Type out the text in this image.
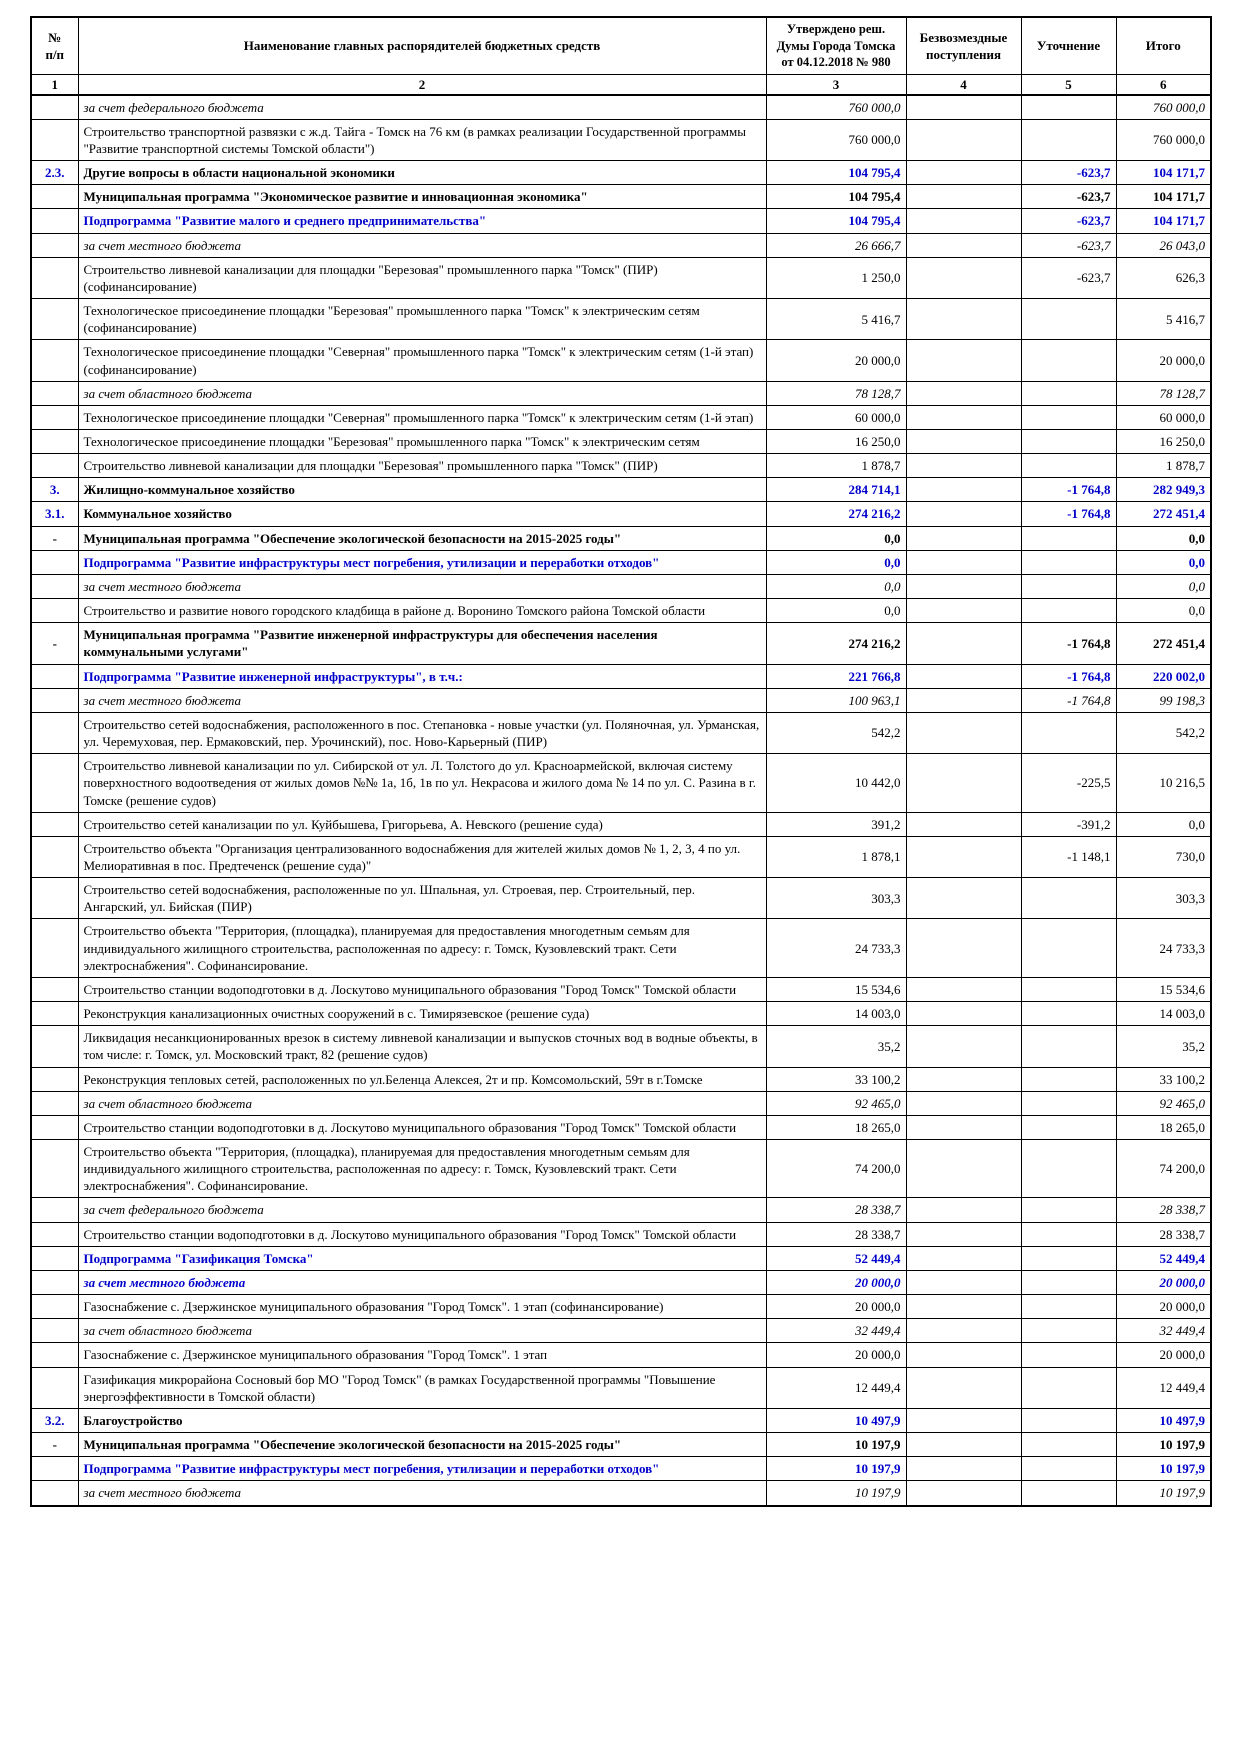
№
п/п	Наименование главных распорядителей бюджетных средств	Утверждено реш. Думы Города Томска от 04.12.2018 № 980	Безвозмездные поступления	Уточнение	Итого
1	2	3	4	5	6
	за счет федерального бюджета	760 000,0			760 000,0
	Строительство транспортной развязки с ж.д. Тайга - Томск на 76 км (в рамках реализации Государственной программы "Развитие транспортной системы Томской области")	760 000,0			760 000,0
2.3.	Другие вопросы в области национальной экономики	104 795,4		-623,7	104 171,7
	Муниципальная программа "Экономическое развитие и инновационная экономика"	104 795,4		-623,7	104 171,7
	Подпрограмма "Развитие малого и среднего предпринимательства"	104 795,4		-623,7	104 171,7
	за счет местного бюджета	26 666,7		-623,7	26 043,0
	Строительство ливневой канализации для площадки "Березовая" промышленного парка "Томск" (ПИР) (софинансирование)	1 250,0		-623,7	626,3
	Технологическое присоединение площадки "Березовая" промышленного парка "Томск" к электрическим сетям (софинансирование)	5 416,7			5 416,7
	Технологическое присоединение площадки "Северная" промышленного парка "Томск" к электрическим сетям (1-й этап) (софинансирование)	20 000,0			20 000,0
	за счет областного бюджета	78 128,7			78 128,7
	Технологическое присоединение площадки "Северная" промышленного парка "Томск" к электрическим сетям (1-й этап)	60 000,0			60 000,0
	Технологическое присоединение площадки "Березовая" промышленного парка "Томск" к электрическим сетям	16 250,0			16 250,0
	Строительство ливневой канализации для площадки "Березовая" промышленного парка "Томск" (ПИР)	1 878,7			1 878,7
3.	Жилищно-коммунальное хозяйство	284 714,1		-1 764,8	282 949,3
3.1.	Коммунальное хозяйство	274 216,2		-1 764,8	272 451,4
-	Муниципальная программа "Обеспечение экологической безопасности на 2015-2025 годы"	0,0			0,0
	Подпрограмма "Развитие инфраструктуры мест погребения, утилизации и переработки отходов"	0,0			0,0
	за счет местного бюджета	0,0			0,0
	Строительство и развитие нового городского кладбища в районе д. Воронино Томского района Томской области	0,0			0,0
-	Муниципальная программа "Развитие инженерной инфраструктуры для обеспечения населения коммунальными услугами"	274 216,2		-1 764,8	272 451,4
	Подпрограмма "Развитие инженерной инфраструктуры", в т.ч.:	221 766,8		-1 764,8	220 002,0
	за счет местного бюджета	100 963,1		-1 764,8	99 198,3
	Строительство сетей водоснабжения, расположенного в пос. Степановка - новые участки (ул. Поляночная, ул. Урманская, ул. Черемуховая, пер. Ермаковский, пер. Урочинский), пос. Ново-Карьерный (ПИР)	542,2			542,2
	Строительство ливневой канализации по ул. Сибирской от ул. Л. Толстого до ул. Красноармейской, включая систему поверхностного водоотведения от жилых домов №№ 1а, 1б, 1в по ул. Некрасова и жилого дома № 14 по ул. С. Разина в г. Томске (решение судов)	10 442,0		-225,5	10 216,5
	Строительство сетей канализации по ул. Куйбышева, Григорьева, А. Невского (решение суда)	391,2		-391,2	0,0
	Строительство объекта "Организация централизованного водоснабжения для жителей жилых домов № 1, 2, 3, 4 по ул. Мелиоративная в пос. Предтеченск (решение суда)"	1 878,1		-1 148,1	730,0
	Строительство сетей водоснабжения, расположенные по ул. Шпальная, ул. Строевая, пер. Строительный, пер. Ангарский, ул. Бийская (ПИР)	303,3			303,3
	Строительство объекта "Территория, (площадка), планируемая для предоставления многодетным семьям для индивидуального жилищного строительства, расположенная по адресу: г. Томск, Кузовлевский тракт. Сети электроснабжения". Софинансирование.	24 733,3			24 733,3
	Строительство станции водоподготовки в д. Лоскутово муниципального образования "Город Томск" Томской области	15 534,6			15 534,6
	Реконструкция канализационных очистных сооружений в с. Тимирязевское (решение суда)	14 003,0			14 003,0
	Ликвидация несанкционированных врезок в систему ливневой канализации и выпусков сточных вод в водные объекты, в том числе: г. Томск, ул. Московский тракт, 82 (решение судов)	35,2			35,2
	Реконструкция тепловых сетей, расположенных по ул.Беленца Алексея, 2т и пр. Комсомольский, 59т в г.Томске	33 100,2			33 100,2
	за счет областного бюджета	92 465,0			92 465,0
	Строительство станции водоподготовки в д. Лоскутово муниципального образования "Город Томск" Томской области	18 265,0			18 265,0
	Строительство объекта "Территория, (площадка), планируемая для предоставления многодетным семьям для индивидуального жилищного строительства, расположенная по адресу: г. Томск, Кузовлевский тракт. Сети электроснабжения". Софинансирование.	74 200,0			74 200,0
	за счет федерального бюджета	28 338,7			28 338,7
	Строительство станции водоподготовки в д. Лоскутово муниципального образования "Город Томск" Томской области	28 338,7			28 338,7
	Подпрограмма "Газификация Томска"	52 449,4			52 449,4
	за счет местного бюджета	20 000,0			20 000,0
	Газоснабжение с. Дзержинское муниципального образования "Город Томск". 1 этап (софинансирование)	20 000,0			20 000,0
	за счет областного бюджета	32 449,4			32 449,4
	Газоснабжение с. Дзержинское муниципального образования "Город Томск". 1 этап	20 000,0			20 000,0
	Газификация микрорайона Сосновый бор МО "Город Томск" (в рамках Государственной программы "Повышение энергоэффективности в Томской области)	12 449,4			12 449,4
3.2.	Благоустройство	10 497,9			10 497,9
-	Муниципальная программа "Обеспечение экологической безопасности на 2015-2025 годы"	10 197,9			10 197,9
	Подпрограмма "Развитие инфраструктуры мест погребения, утилизации и переработки отходов"	10 197,9			10 197,9
	за счет местного бюджета	10 197,9			10 197,9
